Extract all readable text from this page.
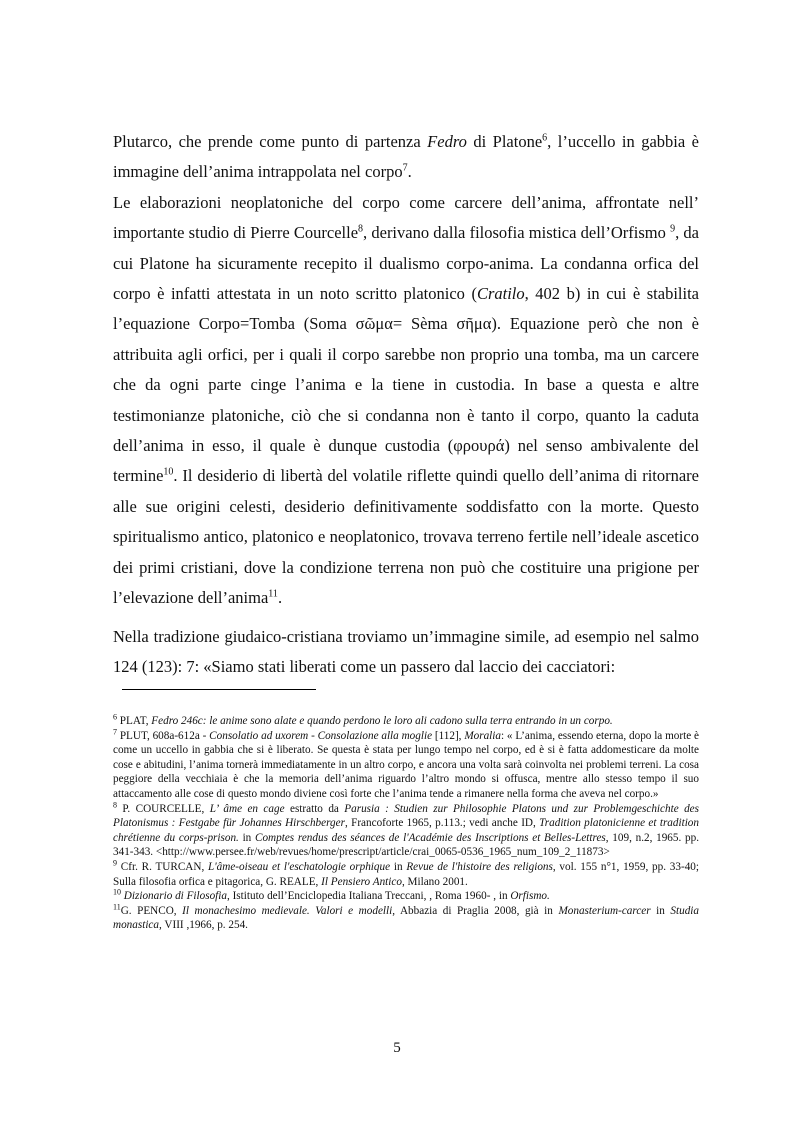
Plutarco, che prende come punto di partenza Fedro di Platone$^6$, l’uccello in gabbia è immagine dell’anima intrappolata nel corpo$^7$.

Le elaborazioni neoplatoniche del corpo come carcere dell’anima, affrontate nell’ importante studio di Pierre Courcelle$^8$, derivano dalla filosofia mistica dell’Orfismo $^9$, da cui Platone ha sicuramente recepito il dualismo corpo-anima. La condanna orfica del corpo è infatti attestata in un noto scritto platonico (Cratilo, 402 b) in cui è stabilita l’equazione Corpo=Tomba (Soma σῶμα= Sèma σῆμα). Equazione però che non è attribuita agli orfici, per i quali il corpo sarebbe non proprio una tomba, ma un carcere che da ogni parte cinge l’anima e la tiene in custodia. In base a questa e altre testimonianze platoniche, ciò che si condanna non è tanto il corpo, quanto la caduta dell’anima in esso, il quale è dunque custodia (φρουρά) nel senso ambivalente del termine$^{10}$. Il desiderio di libertà del volatile riflette quindi quello dell’anima di ritornare alle sue origini celesti, desiderio definitivamente soddisfatto con la morte. Questo spiritualismo antico, platonico e neoplatonico, trovava terreno fertile nell’ideale ascetico dei primi cristiani, dove la condizione terrena non può che costituire una prigione per l’elevazione dell’anima$^{11}$.

Nella tradizione giudaico-cristiana troviamo un’immagine simile, ad esempio nel salmo 124 (123): 7: «Siamo stati liberati come un passero dal laccio dei cacciatori:

$^6$ PLAT, Fedro 246c: le anime sono alate e quando perdono le loro ali cadono sulla terra entrando in un corpo.

$^7$ PLUT, 608a-612a - Consolatio ad uxorem - Consolazione alla moglie [112], Moralia: « L’anima, essendo eterna, dopo la morte è come un uccello in gabbia che si è liberato. Se questa è stata per lungo tempo nel corpo, ed è si è fatta addomesticare da molte cose e abitudini, l’anima tornerà immediatamente in un altro corpo, e ancora una volta sarà coinvolta nei problemi terreni. La cosa peggiore della vecchiaia è che la memoria dell’anima riguardo l’altro mondo si offusca, mentre allo stesso tempo il suo attaccamento alle cose di questo mondo diviene così forte che l’anima tende a rimanere nella forma che aveva nel corpo.»

$^8$ P. COURCELLE, L’ âme en cage estratto da Parusia : Studien zur Philosophie Platons und zur Problemgeschichte des Platonismus : Festgabe für Johannes Hirschberger, Francoforte 1965, p.113.; vedi anche ID, Tradition platonicienne et tradition chrétienne du corps-prison. in Comptes rendus des séances de l'Académie des Inscriptions et Belles-Lettres, 109, n.2, 1965. pp. 341-343. <http://www.persee.fr/web/revues/home/prescript/article/crai_0065-0536_1965_num_109_2_11873>

$^9$ Cfr. R. TURCAN, L'âme-oiseau et l'eschatologie orphique in Revue de l'histoire des religions, vol. 155 n°1, 1959, pp. 33-40; Sulla filosofia orfica e pitagorica, G. REALE, Il Pensiero Antico, Milano 2001.

$^{10}$ Dizionario di Filosofia, Istituto dell’Enciclopedia Italiana Treccani, , Roma 1960- , in Orfismo.

$^{11}$G. PENCO, Il monachesimo medievale. Valori e modelli, Abbazia di Praglia 2008, già in Monasterium-carcer in Studia monastica, VIII ,1966, p. 254.

5
